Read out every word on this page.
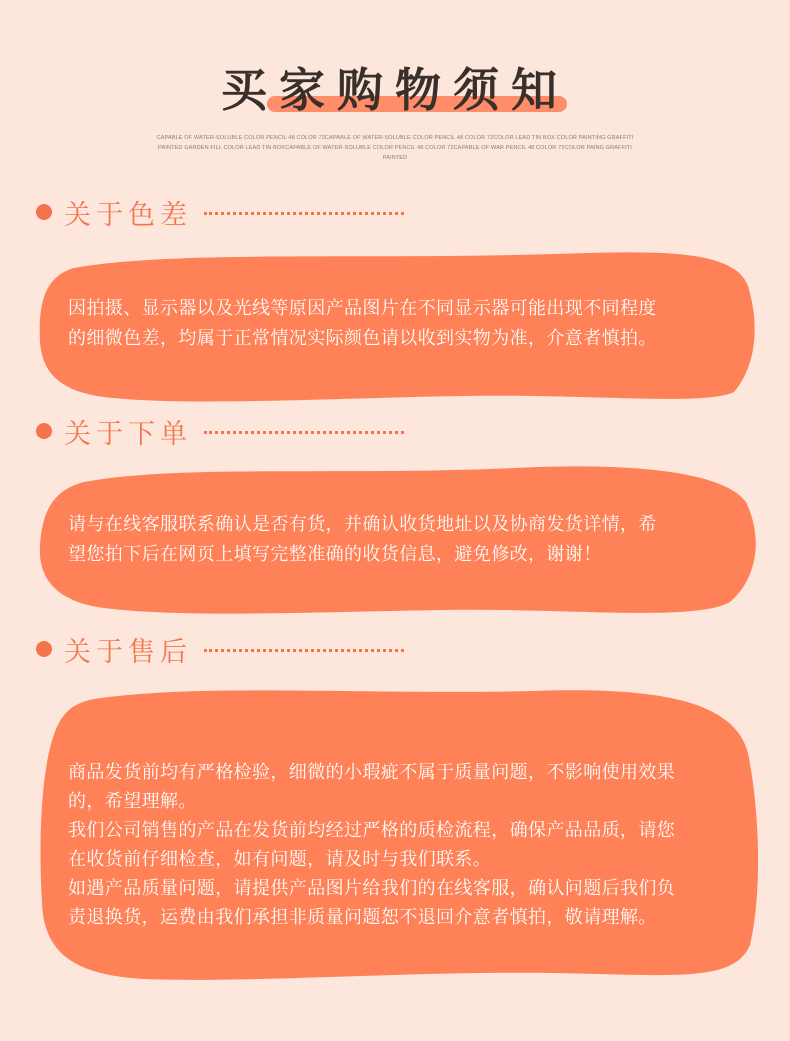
买家购物须知
CAPABLE OF WATER-SOLUBLE COLOR PENCIL 48 COLOR 72CAPABLE OF WATER-SOLUBLE COLOR PENCIL 48 COLOR 72COLOR LEAD TIN BOX COLOR PAINTING GRAFFITI PAINTED GARDEN FILL COLOR LEAD TIN BOXCAPABLE OF WATER-SOLUBLE COLOR PENCIL 48 COLOR 72CAPABLE OF WAR PENCIL 48 COLOR 72COLOR PAING GRAFFITI PAINTED
关于色差
因拍摄、显示器以及光线等原因产品图片在不同显示器可能出现不同程度
的细微色差，均属于正常情况实际颜色请以收到实物为准，介意者慎拍。
关于下单
请与在线客服联系确认是否有货，并确认收货地址以及协商发货详情，希
望您拍下后在网页上填写完整准确的收货信息，避免修改，谢谢！
关于售后
商品发货前均有严格检验，细微的小瑕疵不属于质量问题，不影响使用效果
的，希望理解。
我们公司销售的产品在发货前均经过严格的质检流程，确保产品品质，请您
在收货前仔细检查，如有问题，请及时与我们联系。
如遇产品质量问题，请提供产品图片给我们的在线客服，确认问题后我们负
责退换货，运费由我们承担非质量问题恕不退回介意者慎拍，敬请理解。
